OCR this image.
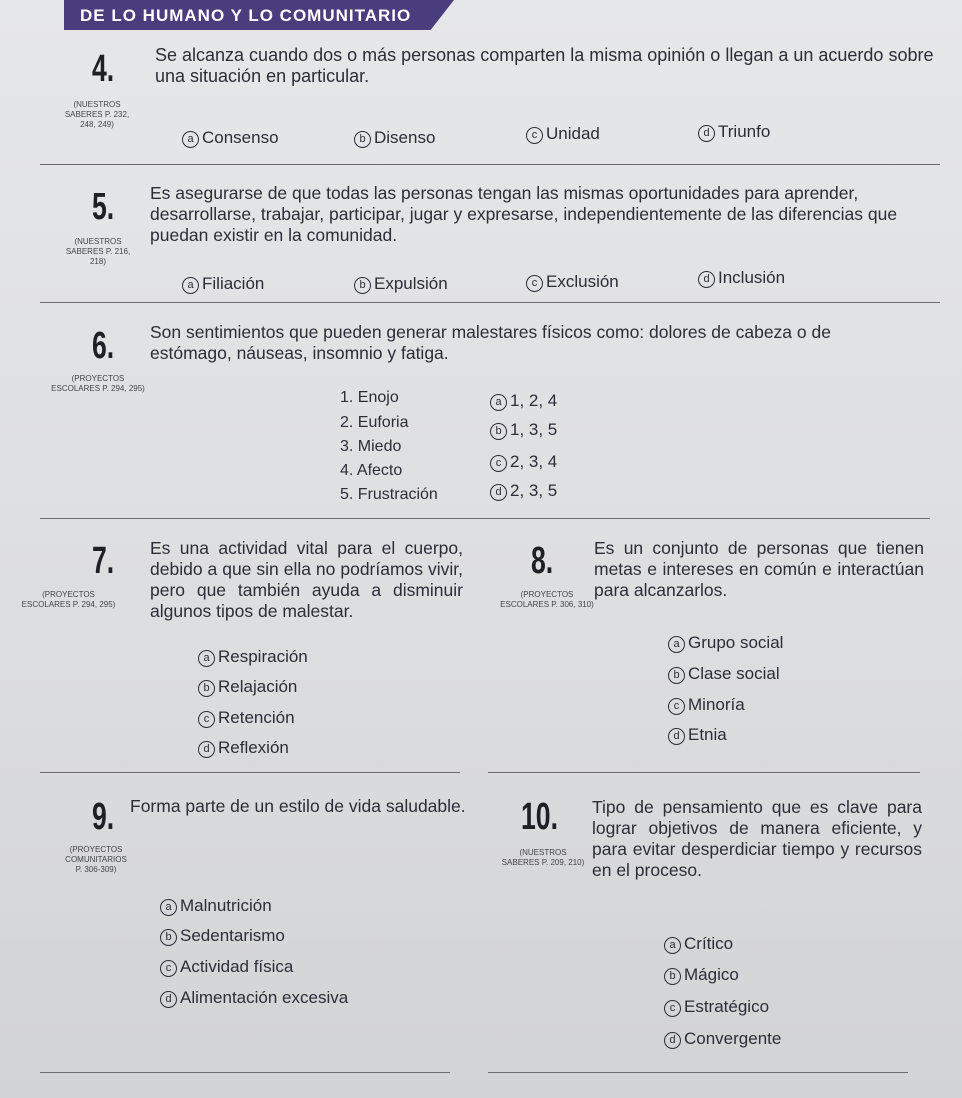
DE LO HUMANO Y LO COMUNITARIO
4.
(NUESTROS
SABERES P. 232,
248, 249)
Se alcanza cuando dos o más personas comparten la misma opinión o llegan a un acuerdo sobre una situación en particular.
a Consenso	b Disenso	c Unidad	d Triunfo
5.
(NUESTROS
SABERES P. 216, 218)
Es asegurarse de que todas las personas tengan las mismas oportunidades para aprender, desarrollarse, trabajar, participar, jugar y expresarse, independientemente de las diferencias que puedan existir en la comunidad.
a Filiación	b Expulsión	c Exclusión	d Inclusión
6.
(PROYECTOS
ESCOLARES P. 294, 295)
Son sentimientos que pueden generar malestares físicos como: dolores de cabeza o de estómago, náuseas, insomnio y fatiga.
1. Enojo
2. Euforia
3. Miedo
4. Afecto
5. Frustración
a 1, 2, 4
b 1, 3, 5
c 2, 3, 4
d 2, 3, 5
7.
(PROYECTOS
ESCOLARES P. 294, 295)
Es una actividad vital para el cuerpo, debido a que sin ella no podríamos vivir, pero que también ayuda a disminuir algunos tipos de malestar.
a Respiración
b Relajación
c Retención
d Reflexión
8.
(PROYECTOS
ESCOLARES P. 306, 310)
Es un conjunto de personas que tienen metas e intereses en común e interactúan para alcanzarlos.
a Grupo social
b Clase social
c Minoría
d Etnia
9.
(PROYECTOS
COMUNITARIOS
P. 306-309)
Forma parte de un estilo de vida saludable.
a Malnutrición
b Sedentarismo
c Actividad física
d Alimentación excesiva
10.
(NUESTROS
SABERES P. 209, 210)
Tipo de pensamiento que es clave para lograr objetivos de manera eficiente, y para evitar desperdiciar tiempo y recursos en el proceso.
a Crítico
b Mágico
c Estratégico
d Convergente
